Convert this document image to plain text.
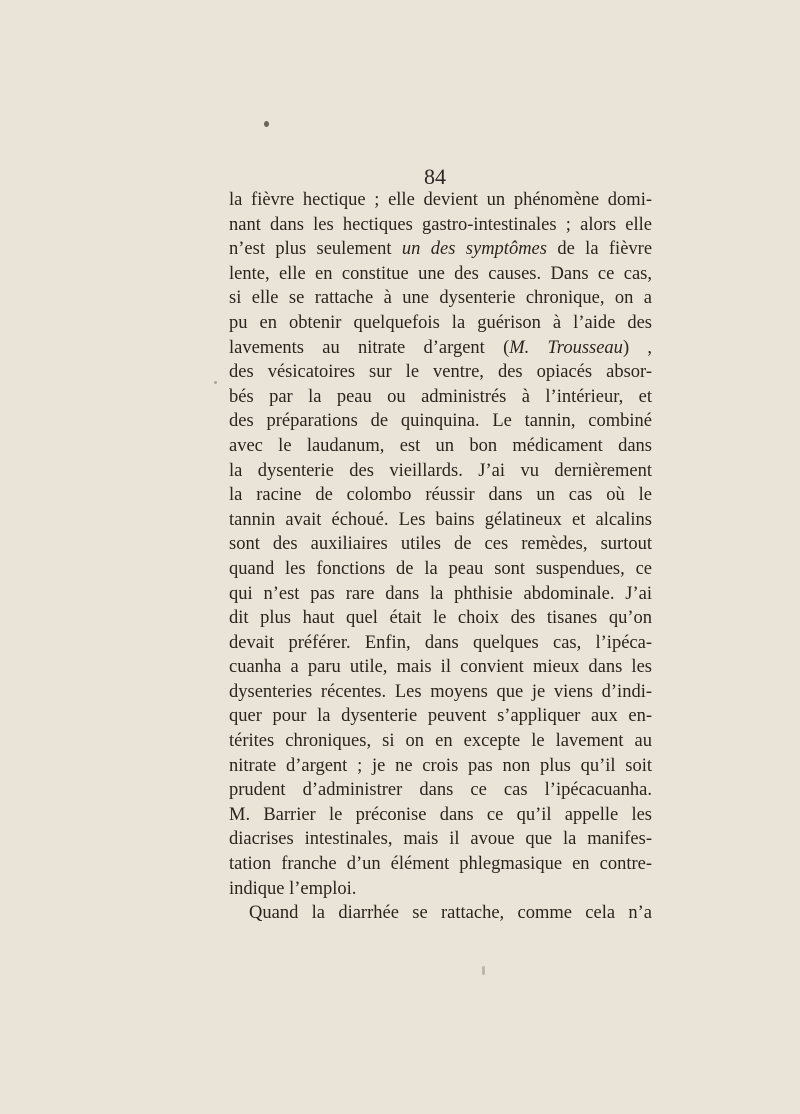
84

la fièvre hectique ; elle devient un phénomène domi-
nant dans les hectiques gastro-intestinales ; alors elle
n’est plus seulement un des symptômes de la fièvre
lente, elle en constitue une des causes. Dans ce cas,
si elle se rattache à une dysenterie chronique, on a
pu en obtenir quelquefois la guérison à l’aide des
lavements au nitrate d’argent (M. Trousseau) ,
des vésicatoires sur le ventre, des opiacés absor-
bés par la peau ou administrés à l’intérieur, et
des préparations de quinquina. Le tannin, combiné
avec le laudanum, est un bon médicament dans
la dysenterie des vieillards. J’ai vu dernièrement
la racine de colombo réussir dans un cas où le
tannin avait échoué. Les bains gélatineux et alcalins
sont des auxiliaires utiles de ces remèdes, surtout
quand les fonctions de la peau sont suspendues, ce
qui n’est pas rare dans la phthisie abdominale. J’ai
dit plus haut quel était le choix des tisanes qu’on
devait préférer. Enfin, dans quelques cas, l’ipéca-
cuanha a paru utile, mais il convient mieux dans les
dysenteries récentes. Les moyens que je viens d’indi-
quer pour la dysenterie peuvent s’appliquer aux en-
térites chroniques, si on en excepte le lavement au
nitrate d’argent ; je ne crois pas non plus qu’il soit
prudent d’administrer dans ce cas l’ipécacuanha.
M. Barrier le préconise dans ce qu’il appelle les
diacrises intestinales, mais il avoue que la manifes-
tation franche d’un élément phlegmasique en contre-
indique l’emploi.
Quand la diarrhée se rattache, comme cela n’a
